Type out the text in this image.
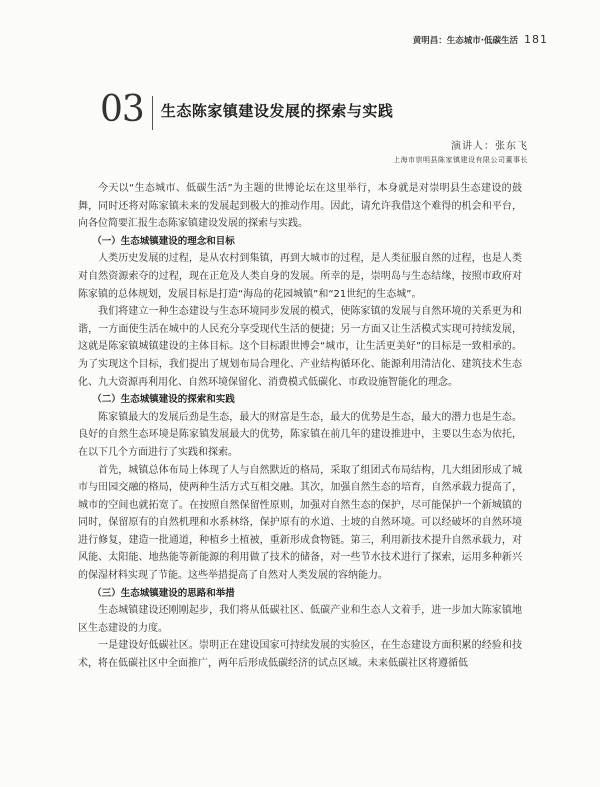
黄明昌：生态城市·低碳生活 181
03 生态陈家镇建设发展的探索与实践
演讲人：张东飞
上海市崇明县陈家镇建设有限公司董事长

今天以“生态城市、低碳生活”为主题的世博论坛在这里举行，本身就是对崇明县生态建设的鼓舞，同时还将对陈家镇未来的发展起到极大的推动作用。因此，请允许我借这个难得的机会和平台，向各位简要汇报生态陈家镇建设发展的探索与实践。

（一）生态城镇建设的理念和目标

人类历史发展的过程，是从农村到集镇，再到大城市的过程，是人类征服自然的过程，也是人类对自然资源索夺的过程，现在正危及人类自身的发展。所幸的是，崇明岛与生态结缘，按照市政府对陈家镇的总体规划，发展目标是打造“海岛的花园城镇”和“21世纪的生态城”。

我们将建立一种生态建设与生态环境同步发展的模式，使陈家镇的发展与自然环境的关系更为和谐，一方面使生活在城中的人民充分享受现代生活的便捷；另一方面又让生活模式实现可持续发展，这就是陈家镇城镇建设的主体目标。这个目标跟世博会“城市，让生活更美好”的目标是一致相承的。为了实现这个目标，我们提出了规划布局合理化、产业结构循环化、能源利用清洁化、建筑技术生态化、九大资源再利用化、自然环境保留化、消费模式低碳化、市政设施智能化的理念。

（二）生态城镇建设的探索和实践

陈家镇最大的发展后劲是生态，最大的财富是生态，最大的优势是生态，最大的潜力也是生态。良好的自然生态环境是陈家镇发展最大的优势，陈家镇在前几年的建设推进中，主要以生态为依托，在以下几个方面进行了实践和探索。

首先，城镇总体布局上体现了人与自然默近的格局，采取了组团式布局结构，几大组团形成了城市与田园交融的格局，使两种生活方式互相交融。其次，加强自然生态的培育，自然承载力提高了，城市的空间也就拓宽了。在按照自然保留性原则，加强对自然生态的保护，尽可能保护一个新城镇的同时，保留原有的自然机理和水系林络，保护原有的水道、土坡的自然环境。可以经破坏的自然环境进行修复，建造一批通道，种植乡土植被，重新形成食物链。第三，利用新技术提升自然承载力，对风能、太阳能、地热能等新能源的利用做了技术的储备，对一些节水技术进行了探索，运用多种新兴的保湿材料实现了节能。这些举措提高了自然对人类发展的容纳能力。

（三）生态城镇建设的思路和举措

生态城镇建设还刚刚起步，我们将从低碳社区、低碳产业和生态人文着手，进一步加大陈家镇地区生态建设的力度。

一是建设好低碳社区。崇明正在建设国家可持续发展的实验区，在生态建设方面积累的经验和技术，将在低碳社区中全面推广，两年后形成低碳经济的试点区域。未来低碳社区将遵循低
